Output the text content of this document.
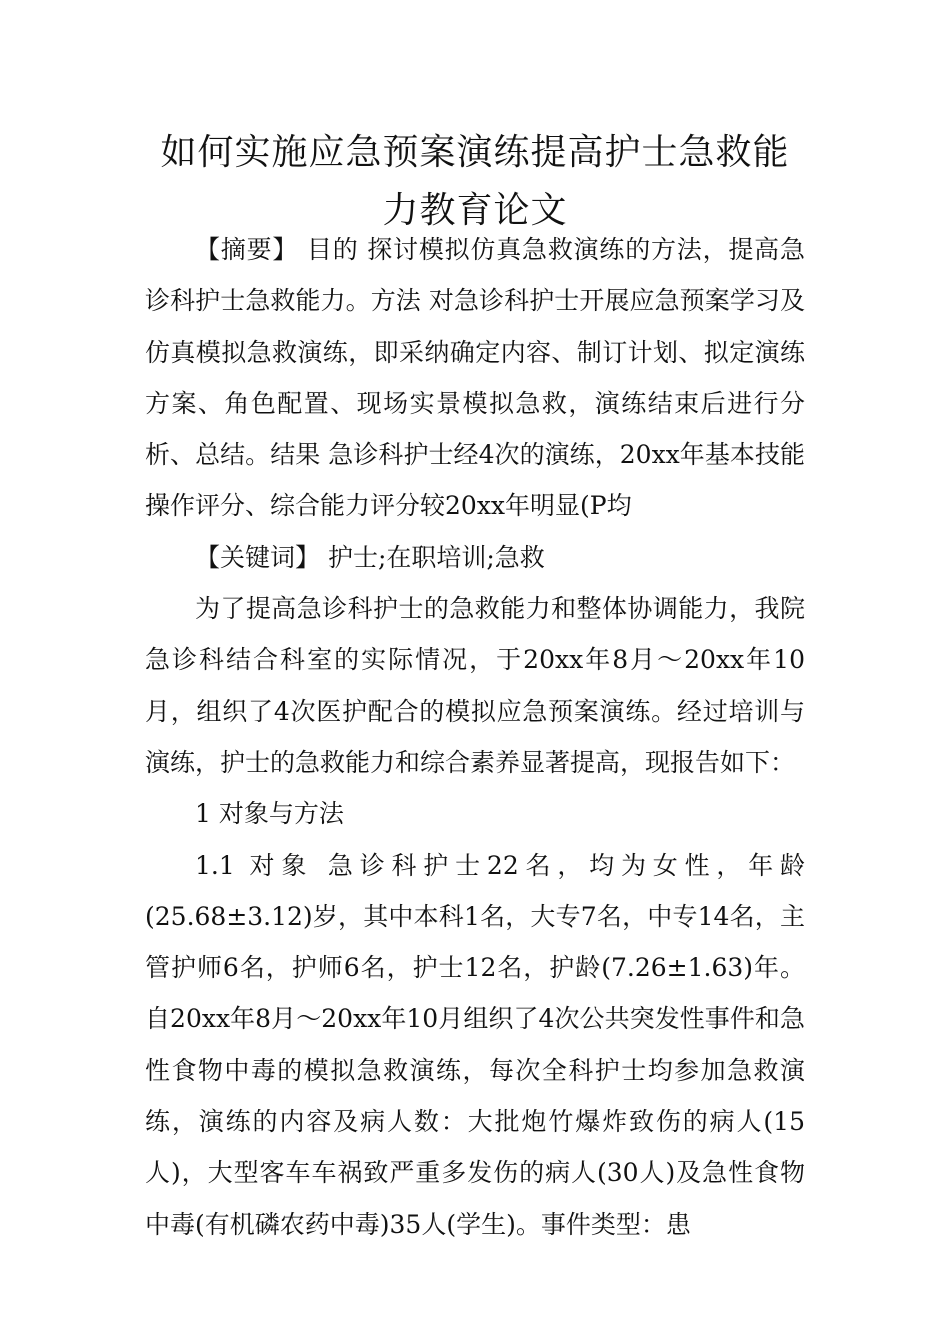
如何实施应急预案演练提高护士急救能力教育论文

【摘要】 目的 探讨模拟仿真急救演练的方法，提高急诊科护士急救能力。方法 对急诊科护士开展应急预案学习及仿真模拟急救演练，即采纳确定内容、制订计划、拟定演练方案、角色配置、现场实景模拟急救，演练结束后进行分析、总结。结果 急诊科护士经4次的演练，20xx年基本技能操作评分、综合能力评分较20xx年明显(P均

【关键词】 护士;在职培训;急救

为了提高急诊科护士的急救能力和整体协调能力，我院急诊科结合科室的实际情况，于20xx年8月～20xx年10月，组织了4次医护配合的模拟应急预案演练。经过培训与演练，护士的急救能力和综合素养显著提高，现报告如下：

1 对象与方法

1.1 对象 急诊科护士22名，均为女性，年龄(25.68±3.12)岁，其中本科1名，大专7名，中专14名，主管护师6名，护师6名，护士12名，护龄(7.26±1.63)年。自20xx年8月～20xx年10月组织了4次公共突发性事件和急性食物中毒的模拟急救演练，每次全科护士均参加急救演练，演练的内容及病人数：大批炮竹爆炸致伤的病人(15人)，大型客车车祸致严重多发伤的病人(30人)及急性食物中毒(有机磷农药中毒)35人(学生)。事件类型：患
